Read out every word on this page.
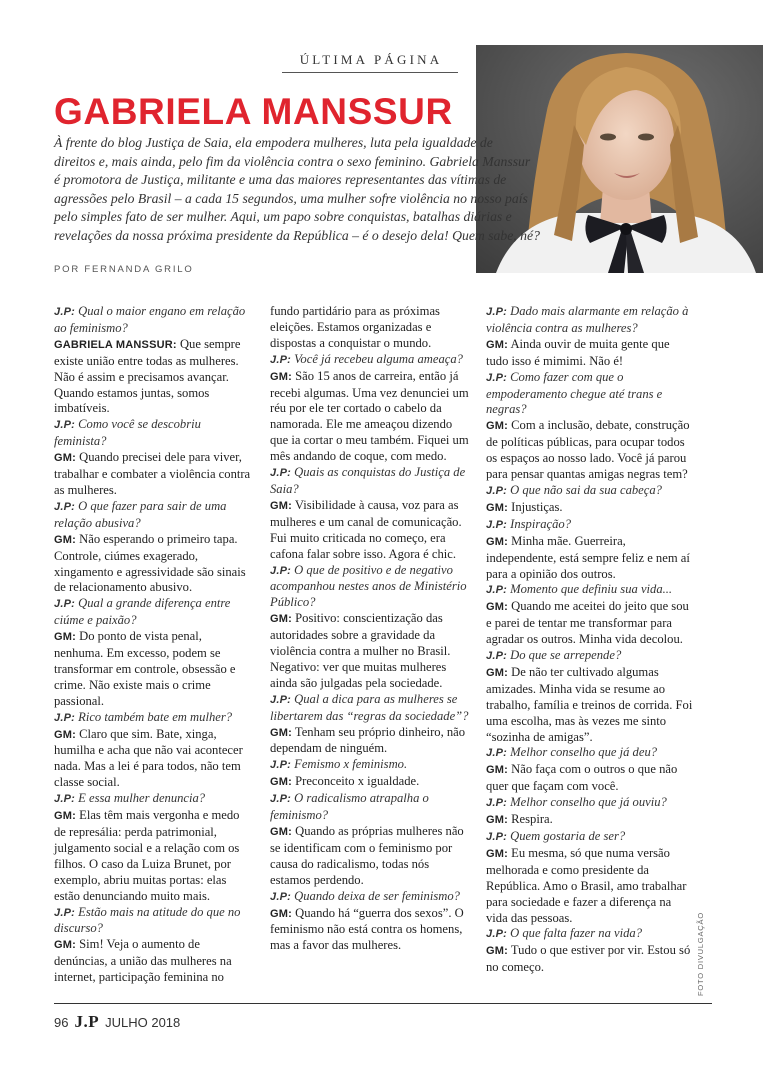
ÚLTIMA PÁGINA
GABRIELA MANSSUR
À frente do blog Justiça de Saia, ela empodera mulheres, luta pela igualdade de
direitos e, mais ainda, pelo fim da violência contra o sexo feminino. Gabriela Manssur
é promotora de Justiça, militante e uma das maiores representantes das vítimas de
agressões pelo Brasil – a cada 15 segundos, uma mulher sofre violência no nosso país
pelo simples fato de ser mulher. Aqui, um papo sobre conquistas, batalhas diárias e
revelações da nossa próxima presidente da República – é o desejo dela! Quem sabe, né?
POR FERNANDA GRILO

J.P: Qual o maior engano em relação ao feminismo?

GABRIELA MANSSUR: Que sempre existe união entre todas as mulheres. Não é assim e precisamos avançar. Quando estamos juntas, somos imbatíveis.

J.P: Como você se descobriu feminista?

GM: Quando precisei dele para viver, trabalhar e combater a violência contra as mulheres.

J.P: O que fazer para sair de uma relação abusiva?

GM: Não esperando o primeiro tapa. Controle, ciúmes exagerado, xingamento e agressividade são sinais de relacionamento abusivo.

J.P: Qual a grande diferença entre ciúme e paixão?

GM: Do ponto de vista penal, nenhuma. Em excesso, podem se transformar em controle, obsessão e crime. Não existe mais o crime passional.

J.P: Rico também bate em mulher?

GM: Claro que sim. Bate, xinga, humilha e acha que não vai acontecer nada. Mas a lei é para todos, não tem classe social.

J.P: E essa mulher denuncia?

GM: Elas têm mais vergonha e medo de represália: perda patrimonial, julgamento social e a relação com os filhos. O caso da Luiza Brunet, por exemplo, abriu muitas portas: elas estão denunciando muito mais.

J.P: Estão mais na atitude do que no discurso?

GM: Sim! Veja o aumento de denúncias, a união das mulheres na internet, participação feminina no

fundo partidário para as próximas eleições. Estamos organizadas e dispostas a conquistar o mundo.

J.P: Você já recebeu alguma ameaça?

GM: São 15 anos de carreira, então já recebi algumas. Uma vez denunciei um réu por ele ter cortado o cabelo da namorada. Ele me ameaçou dizendo que ia cortar o meu também. Fiquei um mês andando de coque, com medo.

J.P: Quais as conquistas do Justiça de Saia?

GM: Visibilidade à causa, voz para as mulheres e um canal de comunicação. Fui muito criticada no começo, era cafona falar sobre isso. Agora é chic.

J.P: O que de positivo e de negativo acompanhou nestes anos de Ministério Público?

GM: Positivo: conscientização das autoridades sobre a gravidade da violência contra a mulher no Brasil. Negativo: ver que muitas mulheres ainda são julgadas pela sociedade.

J.P: Qual a dica para as mulheres se libertarem das “regras da sociedade”?

GM: Tenham seu próprio dinheiro, não dependam de ninguém.

J.P: Femismo x feminismo.

GM: Preconceito x igualdade.

J.P: O radicalismo atrapalha o feminismo?

GM: Quando as próprias mulheres não se identificam com o feminismo por causa do radicalismo, todas nós estamos perdendo.

J.P: Quando deixa de ser feminismo?

GM: Quando há “guerra dos sexos”. O feminismo não está contra os homens, mas a favor das mulheres.

J.P: Dado mais alarmante em relação à violência contra as mulheres?

GM: Ainda ouvir de muita gente que tudo isso é mimimi. Não é!

J.P: Como fazer com que o empoderamento chegue até trans e negras?

GM: Com a inclusão, debate, construção de políticas públicas, para ocupar todos os espaços ao nosso lado. Você já parou para pensar quantas amigas negras tem?

J.P: O que não sai da sua cabeça?

GM: Injustiças.

J.P: Inspiração?

GM: Minha mãe. Guerreira, independente, está sempre feliz e nem aí para a opinião dos outros.

J.P: Momento que definiu sua vida...

GM: Quando me aceitei do jeito que sou e parei de tentar me transformar para agradar os outros. Minha vida decolou.

J.P: Do que se arrepende?

GM: De não ter cultivado algumas amizades. Minha vida se resume ao trabalho, família e treinos de corrida. Foi uma escolha, mas às vezes me sinto “sozinha de amigas”.

J.P: Melhor conselho que já deu?

GM: Não faça com o outros o que não quer que façam com você.

J.P: Melhor conselho que já ouviu?

GM: Respira.

J.P: Quem gostaria de ser?

GM: Eu mesma, só que numa versão melhorada e como presidente da República. Amo o Brasil, amo trabalhar para sociedade e fazer a diferença na vida das pessoas.

J.P: O que falta fazer na vida?

GM: Tudo o que estiver por vir. Estou só no começo.	FOTO DIVULGAÇÃO
96 J.P JULHO 2018
